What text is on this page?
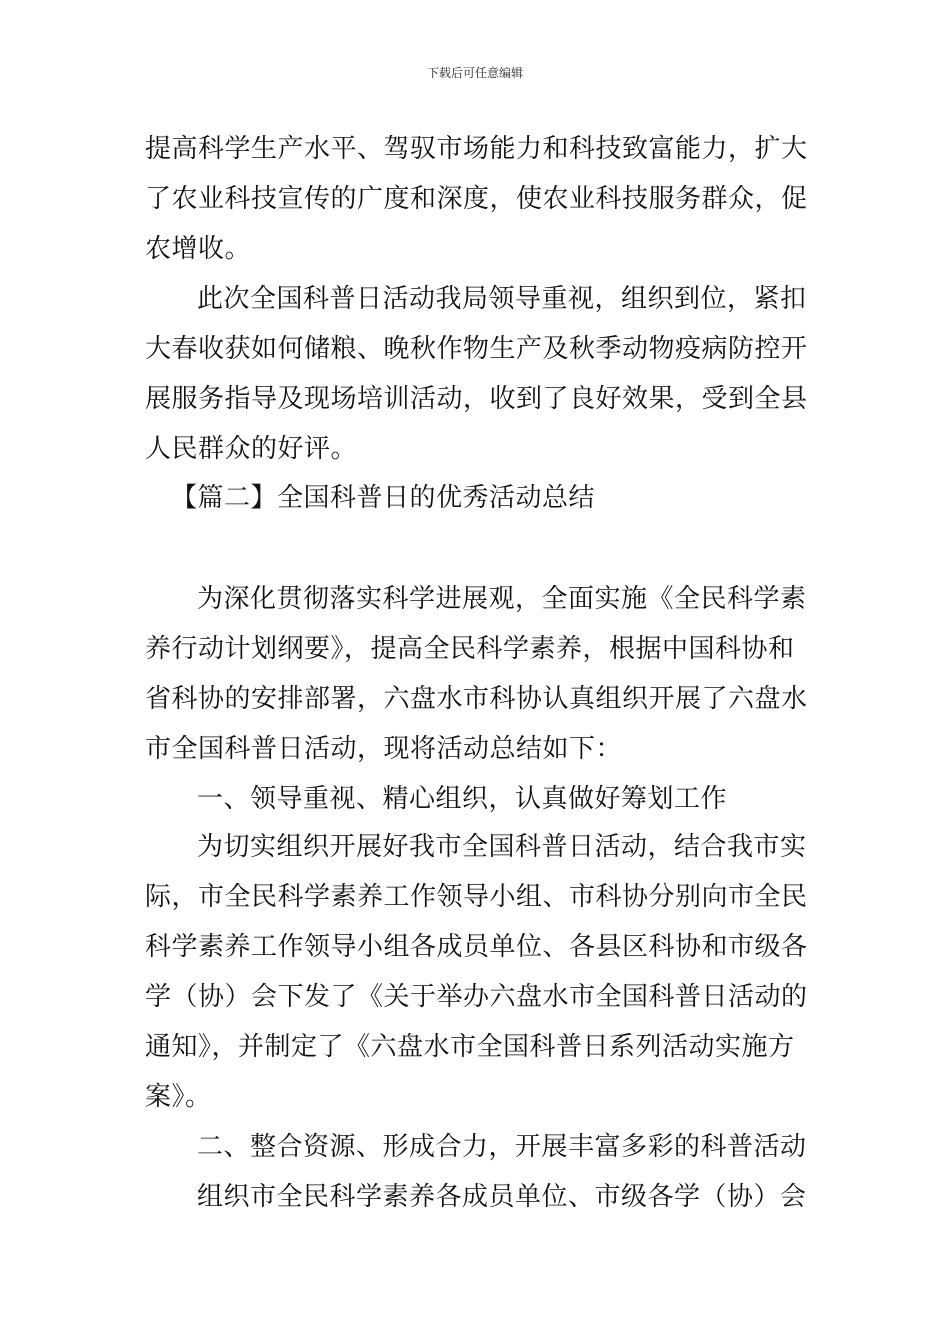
下载后可任意编辑
提高科学生产水平、驾驭市场能力和科技致富能力，扩大
了农业科技宣传的广度和深度，使农业科技服务群众，促
农增收。
此次全国科普日活动我局领导重视，组织到位，紧扣
大春收获如何储粮、晚秋作物生产及秋季动物疫病防控开
展服务指导及现场培训活动，收到了良好效果，受到全县
人民群众的好评。
【篇二】全国科普日的优秀活动总结
为深化贯彻落实科学进展观，全面实施《全民科学素
养行动计划纲要》，提高全民科学素养，根据中国科协和
省科协的安排部署，六盘水市科协认真组织开展了六盘水
市全国科普日活动，现将活动总结如下：
一、领导重视、精心组织，认真做好筹划工作
为切实组织开展好我市全国科普日活动，结合我市实
际，市全民科学素养工作领导小组、市科协分别向市全民
科学素养工作领导小组各成员单位、各县区科协和市级各
学（协）会下发了《关于举办六盘水市全国科普日活动的
通知》，并制定了《六盘水市全国科普日系列活动实施方
案》。
二、整合资源、形成合力，开展丰富多彩的科普活动
组织市全民科学素养各成员单位、市级各学（协）会
